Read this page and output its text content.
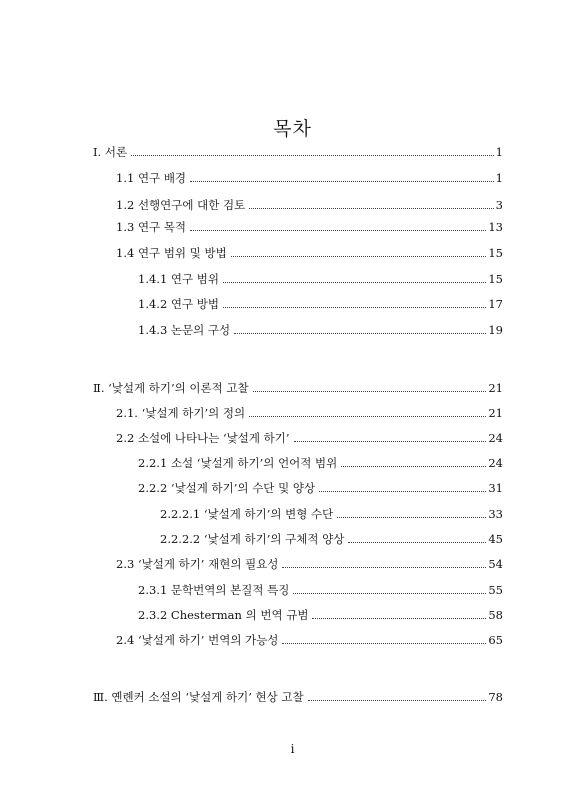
목차
Ⅰ. 서론	1
1.1 연구 배경	1
1.2 선행연구에 대한 검토	3
1.3 연구 목적	13
1.4 연구 범위 및 방법	15
1.4.1 연구 범위	15
1.4.2 연구 방법	17
1.4.3 논문의 구성	19
Ⅱ. ‘낯설게 하기’의 이론적 고찰	21
2.1. ‘낯설게 하기’의 정의	21
2.2 소설에 나타나는 ‘낯설게 하기’	24
2.2.1 소설 ‘낯설게 하기’의 언어적 범위	24
2.2.2 ‘낯설게 하기’의 수단 및 양상	31
2.2.2.1 ‘낯설게 하기’의 변형 수단	33
2.2.2.2 ‘낯설게 하기’의 구체적 양상	45
2.3 ‘낯설게 하기’ 재현의 필요성	54
2.3.1 문학번역의 본질적 특징	55
2.3.2 Chesterman 의 번역 규범	58
2.4 ‘낯설게 하기’ 번역의 가능성	65
Ⅲ. 옌롄커 소설의 ‘낯설게 하기’ 현상 고찰	78
i
